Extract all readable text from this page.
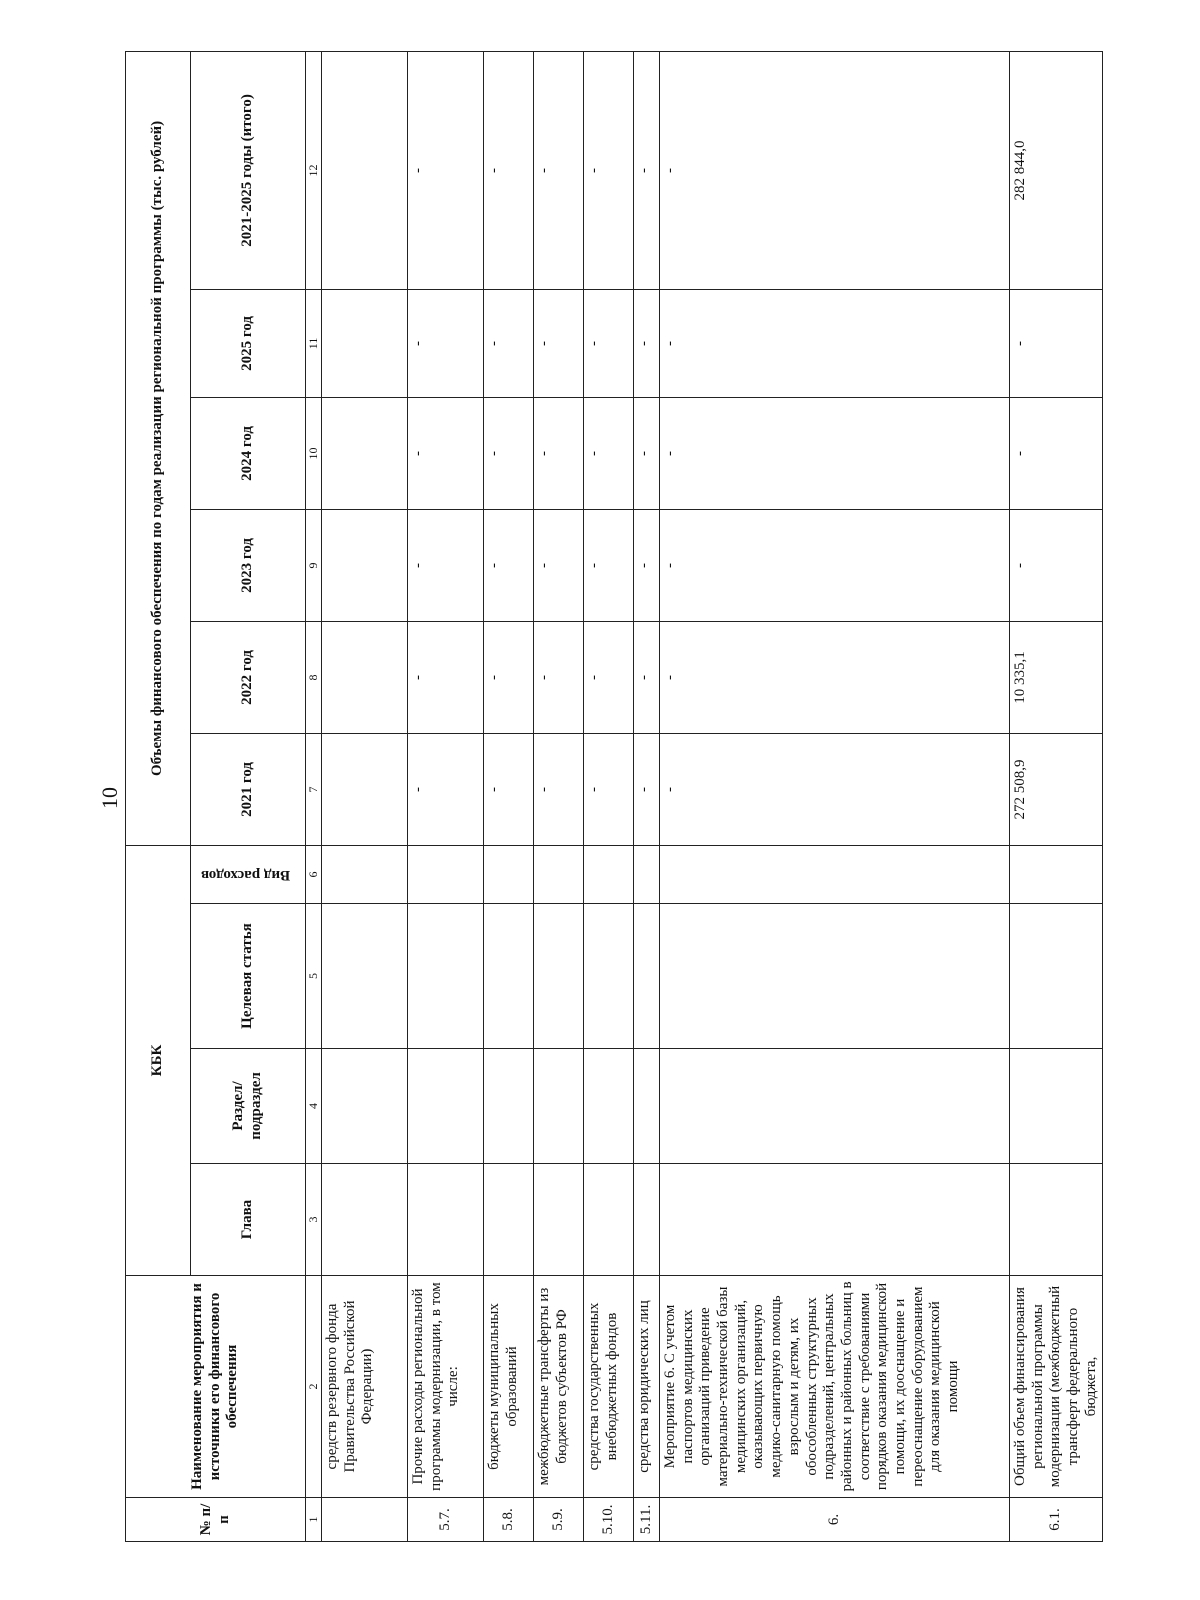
10
№ п/п	Наименование мероприятия и источники его финансового обеспечения	КБК				Объемы финансового обеспечения по годам реализации региональной программы (тыс. рублей)					
		Глава	Раздел/ подраздел	Целевая статья	Вид расходов	2021 год	2022 год	2023 год	2024 год	2025 год	2021-2025 годы (итого)
1	2	3	4	5	6	7	8	9	10	11	12
	средств резервного фонда Правительства Российской Федерации)										
5.7.	Прочие расходы региональной программы модернизации, в том числе:					-	-	-	-	-	-
5.8.	бюджеты муниципальных образований					-	-	-	-	-	-
5.9.	межбюджетные трансферты из бюджетов субъектов РФ					-	-	-	-	-	-
5.10.	средства государственных внебюджетных фондов					-	-	-	-	-	-
5.11.	средства юридических лиц					-	-	-	-	-	-
6.	Мероприятие 6. С учетом паспортов медицинских организаций приведение материально-технической базы медицинских организаций, оказывающих первичную медико-санитарную помощь взрослым и детям, их обособленных структурных подразделений, центральных районных и районных больниц в соответствие с требованиями порядков оказания медицинской помощи, их дооснащение и переоснащение оборудованием для оказания медицинской помощи					-	-	-	-	-	-
6.1.	Общий объем финансирования региональной программы модернизации (межбюджетный трансферт федерального бюджета,					272 508,9	10 335,1	-	-	-	282 844,0
